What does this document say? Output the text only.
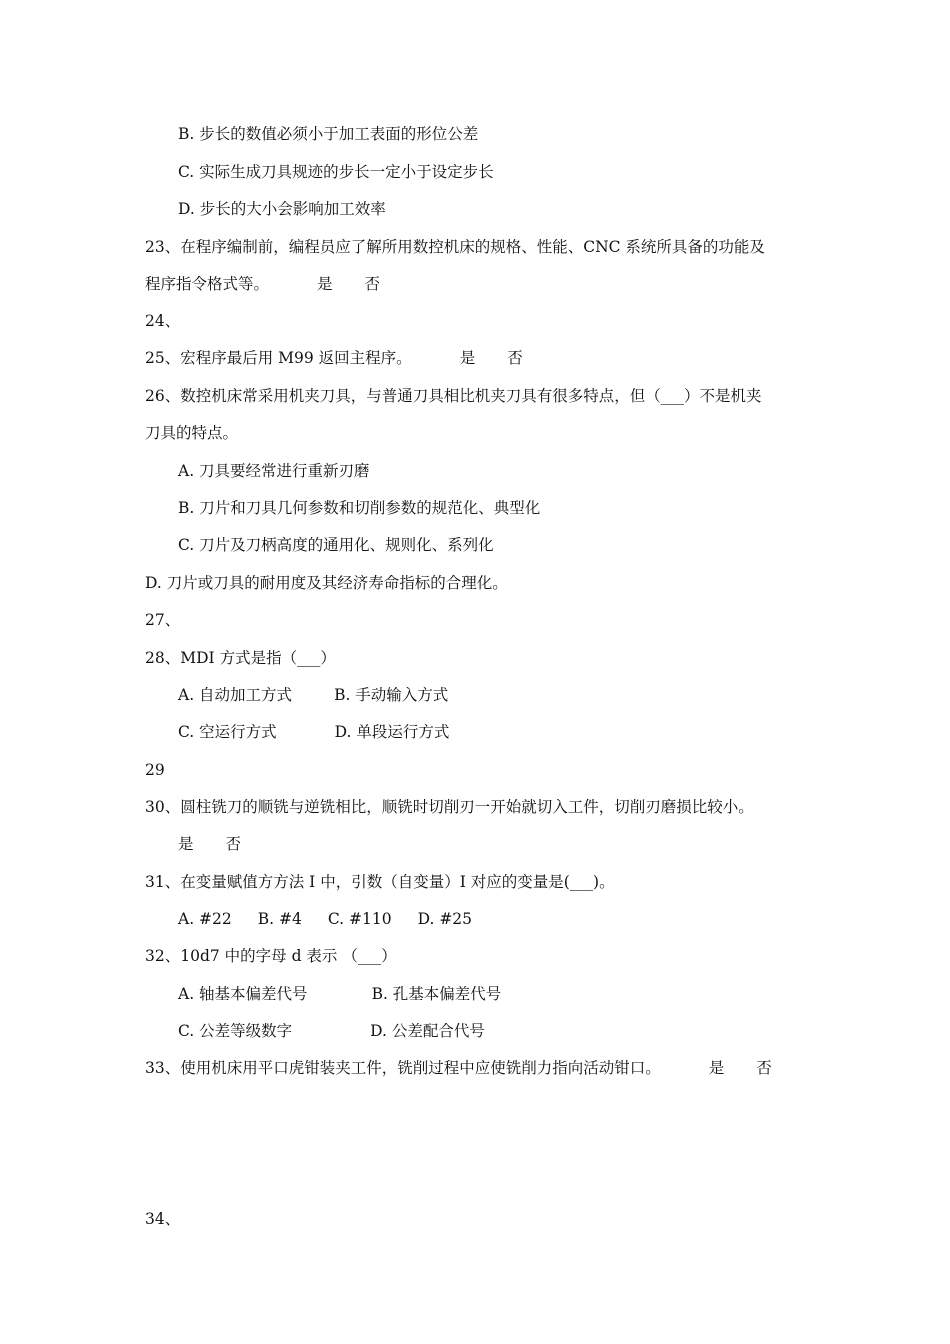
B. 步长的数值必须小于加工表面的形位公差
C. 实际生成刀具规迹的步长一定小于设定步长
D. 步长的大小会影响加工效率
23、在程序编制前，编程员应了解所用数控机床的规格、性能、CNC 系统所具备的功能及
程序指令格式等。	是 否
24、
25、宏程序最后用 M99 返回主程序。	是 否
26、数控机床常采用机夹刀具，与普通刀具相比机夹刀具有很多特点，但（___）不是机夹
刀具的特点。
A. 刀具要经常进行重新刃磨
B. 刀片和刀具几何参数和切削参数的规范化、典型化
C. 刀片及刀柄高度的通用化、规则化、系列化
D. 刀片或刀具的耐用度及其经济寿命指标的合理化。
27、
28、MDI 方式是指（___）
A. 自动加工方式	B. 手动输入方式
C. 空运行方式	D. 单段运行方式
29
30、圆柱铣刀的顺铣与逆铣相比，顺铣时切削刃一开始就切入工件，切削刃磨损比较小。
是 否
31、在变量赋值方方法 I 中，引数（自变量）I 对应的变量是(___)。
A. #22 B. #4 C. #110 D. #25
32、10d7 中的字母 d 表示 （___）
A. 轴基本偏差代号	B. 孔基本偏差代号
C. 公差等级数字	D. 公差配合代号
33、使用机床用平口虎钳装夹工件，铣削过程中应使铣削力指向活动钳口。	是 否
34、
